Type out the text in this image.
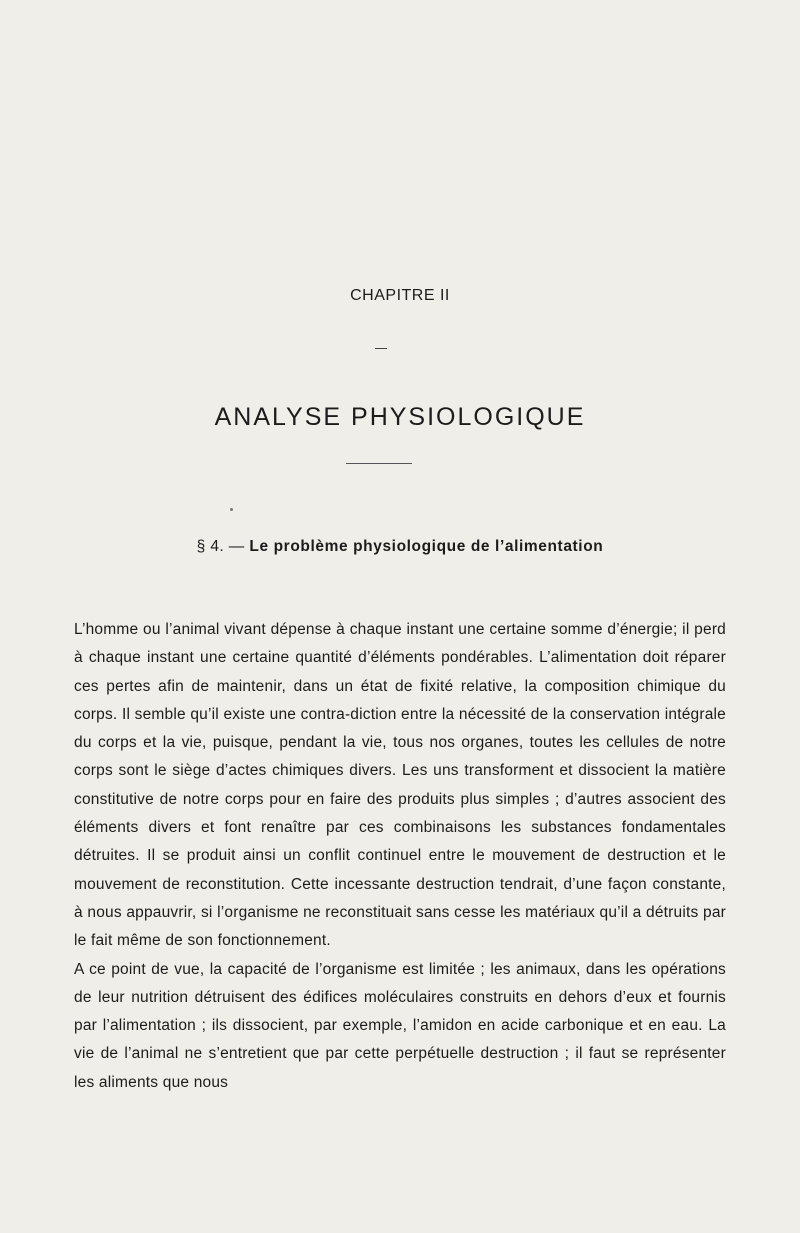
CHAPITRE II
ANALYSE PHYSIOLOGIQUE
§ 4. — Le problème physiologique de l’alimentation

L’homme ou l’animal vivant dépense à chaque instant une certaine somme d’énergie; il perd à chaque instant une certaine quantité d’éléments pondérables. L’alimentation doit réparer ces pertes afin de maintenir, dans un état de fixité relative, la composition chimique du corps. Il semble qu’il existe une contra-diction entre la nécessité de la conservation intégrale du corps et la vie, puisque, pendant la vie, tous nos organes, toutes les cellules de notre corps sont le siège d’actes chimiques divers. Les uns transforment et dissocient la matière constitutive de notre corps pour en faire des produits plus simples ; d’autres associent des éléments divers et font renaître par ces combinaisons les substances fondamentales détruites. Il se produit ainsi un conflit continuel entre le mouvement de destruction et le mouvement de reconstitution. Cette incessante destruction tendrait, d’une façon constante, à nous appauvrir, si l’organisme ne reconstituait sans cesse les matériaux qu’il a détruits par le fait même de son fonctionnement.

A ce point de vue, la capacité de l’organisme est limitée ; les animaux, dans les opérations de leur nutrition détruisent des édifices moléculaires construits en dehors d’eux et fournis par l’alimentation ; ils dissocient, par exemple, l’amidon en acide carbonique et en eau. La vie de l’animal ne s’entretient que par cette perpétuelle destruction ; il faut se représenter les aliments que nous
